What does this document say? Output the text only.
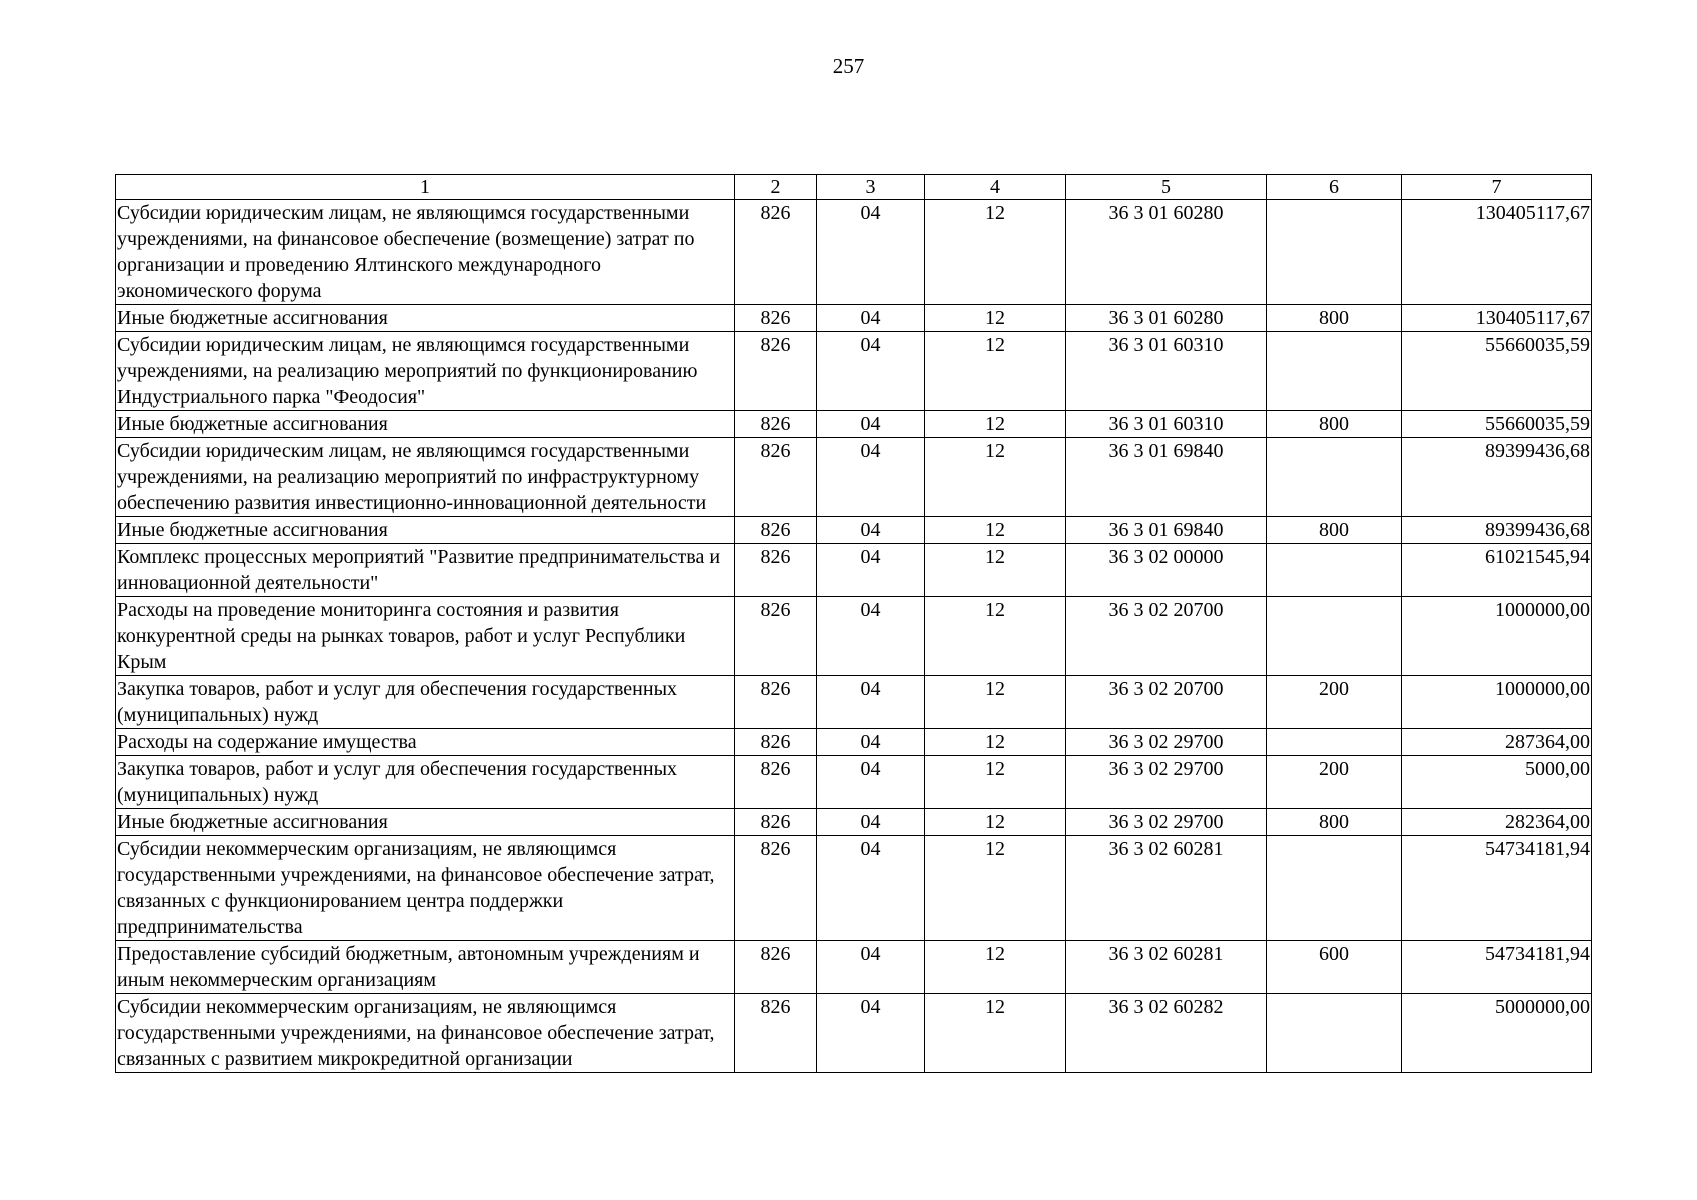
257
1	2	3	4	5	6	7
Субсидии юридическим лицам, не являющимся государственными учреждениями, на финансовое обеспечение (возмещение) затрат по организации и проведению Ялтинского международного экономического форума	826	04	12	36 3 01 60280		130405117,67
Иные бюджетные ассигнования	826	04	12	36 3 01 60280	800	130405117,67
Субсидии юридическим лицам, не являющимся государственными учреждениями, на реализацию мероприятий по функционированию Индустриального парка "Феодосия"	826	04	12	36 3 01 60310		55660035,59
Иные бюджетные ассигнования	826	04	12	36 3 01 60310	800	55660035,59
Субсидии юридическим лицам, не являющимся государственными учреждениями, на реализацию мероприятий по инфраструктурному обеспечению развития инвестиционно-инновационной деятельности	826	04	12	36 3 01 69840		89399436,68
Иные бюджетные ассигнования	826	04	12	36 3 01 69840	800	89399436,68
Комплекс процессных мероприятий "Развитие предпринимательства и инновационной деятельности"	826	04	12	36 3 02 00000		61021545,94
Расходы на проведение мониторинга состояния и развития конкурентной среды на рынках товаров, работ и услуг Республики Крым	826	04	12	36 3 02 20700		1000000,00
Закупка товаров, работ и услуг для обеспечения государственных (муниципальных) нужд	826	04	12	36 3 02 20700	200	1000000,00
Расходы на содержание имущества	826	04	12	36 3 02 29700		287364,00
Закупка товаров, работ и услуг для обеспечения государственных (муниципальных) нужд	826	04	12	36 3 02 29700	200	5000,00
Иные бюджетные ассигнования	826	04	12	36 3 02 29700	800	282364,00
Субсидии некоммерческим организациям, не являющимся государственными учреждениями, на финансовое обеспечение затрат, связанных с функционированием центра поддержки предпринимательства	826	04	12	36 3 02 60281		54734181,94
Предоставление субсидий бюджетным, автономным учреждениям и иным некоммерческим организациям	826	04	12	36 3 02 60281	600	54734181,94
Субсидии некоммерческим организациям, не являющимся государственными учреждениями, на финансовое обеспечение затрат, связанных с развитием микрокредитной организации	826	04	12	36 3 02 60282		5000000,00
